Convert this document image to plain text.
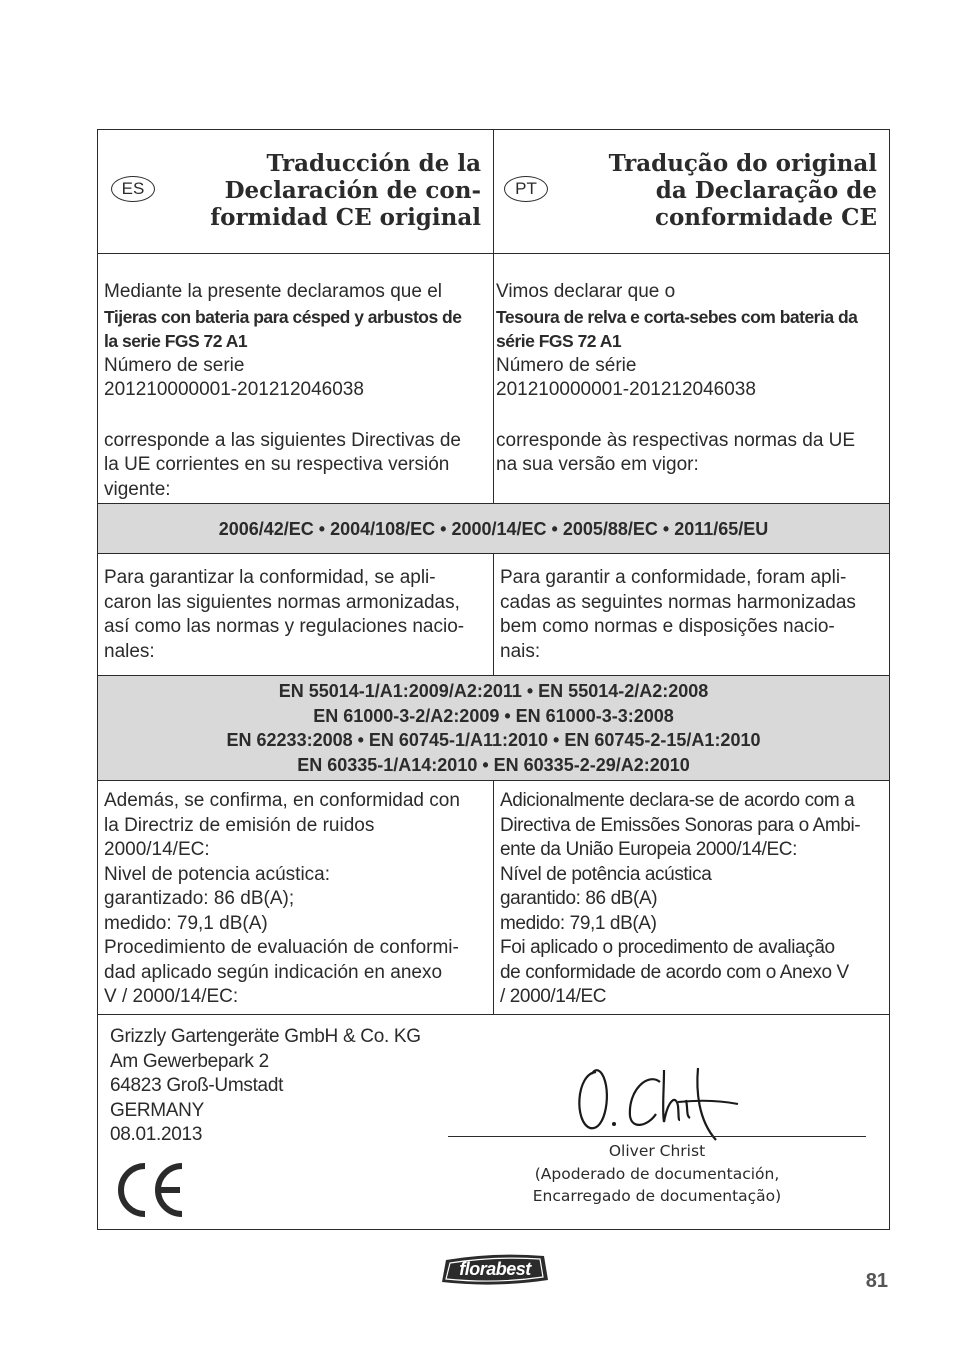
ES
Traducción de la
Declaración de con-
formidad CE original
PT
Tradução do original
da Declaração de
conformidade CE
Mediante la presente declaramos que el
Tijeras con bateria para césped y arbustos de
la serie FGS 72 A1
Número de serie
201210000001-201212046038
corresponde a las siguientes Directivas de
la UE corrientes en su respectiva versión
vigente:
Vimos declarar que o
Tesoura de relva e corta-sebes com bateria da
série FGS 72 A1
Número de série
201210000001-201212046038
corresponde às respectivas normas da UE
na sua versão em vigor:
2006/42/EC • 2004/108/EC • 2000/14/EC • 2005/88/EC • 2011/65/EU
Para garantizar la conformidad, se apli-
caron las siguientes normas armonizadas,
así como las normas y regulaciones nacio-
nales:
Para garantir a conformidade, foram apli-
cadas as seguintes normas harmonizadas
bem como normas e disposições nacio-
nais:
EN 55014-1/A1:2009/A2:2011 • EN 55014-2/A2:2008
EN 61000-3-2/A2:2009 • EN 61000-3-3:2008
EN 62233:2008 • EN 60745-1/A11:2010 • EN 60745-2-15/A1:2010
EN 60335-1/A14:2010 • EN 60335-2-29/A2:2010
Además, se confirma, en conformidad con
la Directriz de emisión de ruidos
2000/14/EC:
Nivel de potencia acústica:
garantizado: 86 dB(A);
medido: 79,1 dB(A)
Procedimiento de evaluación de conformi-
dad aplicado según indicación en anexo
V / 2000/14/EC:
Adicionalmente declara-se de acordo com a
Directiva de Emissões Sonoras para o Ambi-
ente da União Europeia 2000/14/EC:
Nível de potência acústica
garantido: 86 dB(A)
medido: 79,1 dB(A)
Foi aplicado o procedimento de avaliação
de conformidade de acordo com o Anexo V
/ 2000/14/EC
Grizzly Gartengeräte GmbH & Co. KG
Am Gewerbepark 2
64823 Groß-Umstadt
GERMANY
08.01.2013
Oliver Christ
(Apoderado de documentación,
Encarregado de documentação)
florabest
81
